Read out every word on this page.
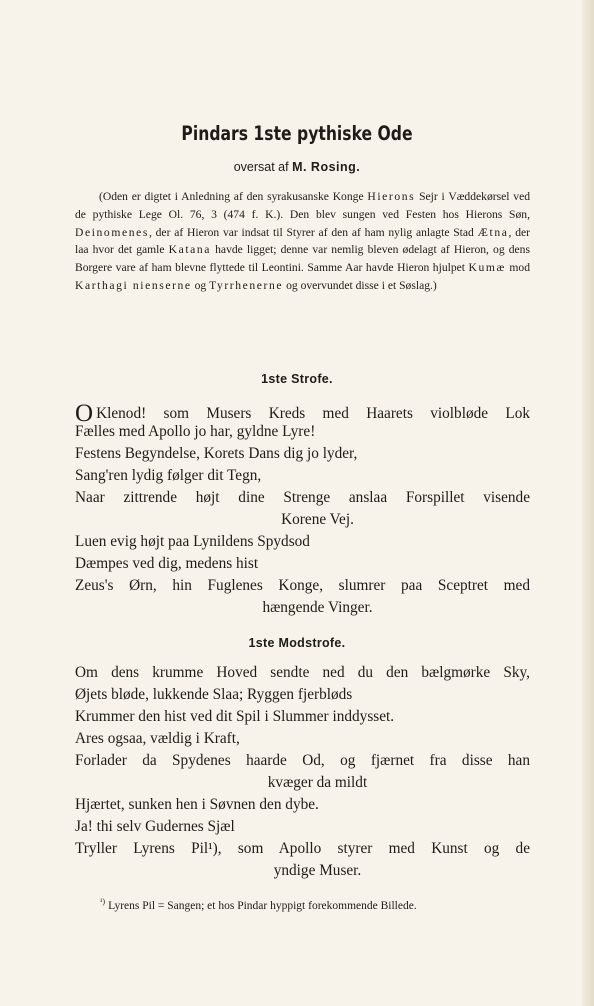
Pindars 1ste pythiske Ode
oversat af M. Rosing.
(Oden er digtet i Anledning af den syrakusanske Konge Hierons Sejr i Væddekørsel ved de pythiske Lege Ol. 76, 3 (474 f. K.). Den blev sungen ved Festen hos Hierons Søn, Deinomenes, der af Hieron var indsat til Styrer af den af ham nylig anlagte Stad Ætna, der laa hvor det gamle Katana havde ligget; denne var nemlig bleven ødelagt af Hieron, og dens Borgere vare af ham blevne flyttede til Leontini. Samme Aar havde Hieron hjulpet Kumæ mod Karthagi nienserne og Tyrrhenerne og overvundet disse i et Søslag.)
1ste Strofe.
O Klenod! som Musers Kreds med Haarets violbløde Lok
Fælles med Apollo jo har, gyldne Lyre!
Festens Begyndelse, Korets Dans dig jo lyder,
Sang'ren lydig følger dit Tegn,
Naar zittrende højt dine Strenge anslaa Forspillet visende
Korene Vej.
Luen evig højt paa Lynildens Spydsod
Dæmpes ved dig, medens hist
Zeus's Ørn, hin Fuglenes Konge, slumrer paa Sceptret med
hængende Vinger.
1ste Modstrofe.
Om dens krumme Hoved sendte ned du den bælgmørke Sky,
Øjets bløde, lukkende Slaa; Ryggen fjerbløds
Krummer den hist ved dit Spil i Slummer inddysset.
Ares ogsaa, vældig i Kraft,
Forlader da Spydenes haarde Od, og fjærnet fra disse han
kvæger da mildt
Hjærtet, sunken hen i Søvnen den dybe.
Ja! thi selv Gudernes Sjæl
Tryller Lyrens Pil¹), som Apollo styrer med Kunst og de
yndige Muser.
$^{^1)}$ Lyrens Pil = Sangen; et hos Pindar hyppigt forekommende Billede.
